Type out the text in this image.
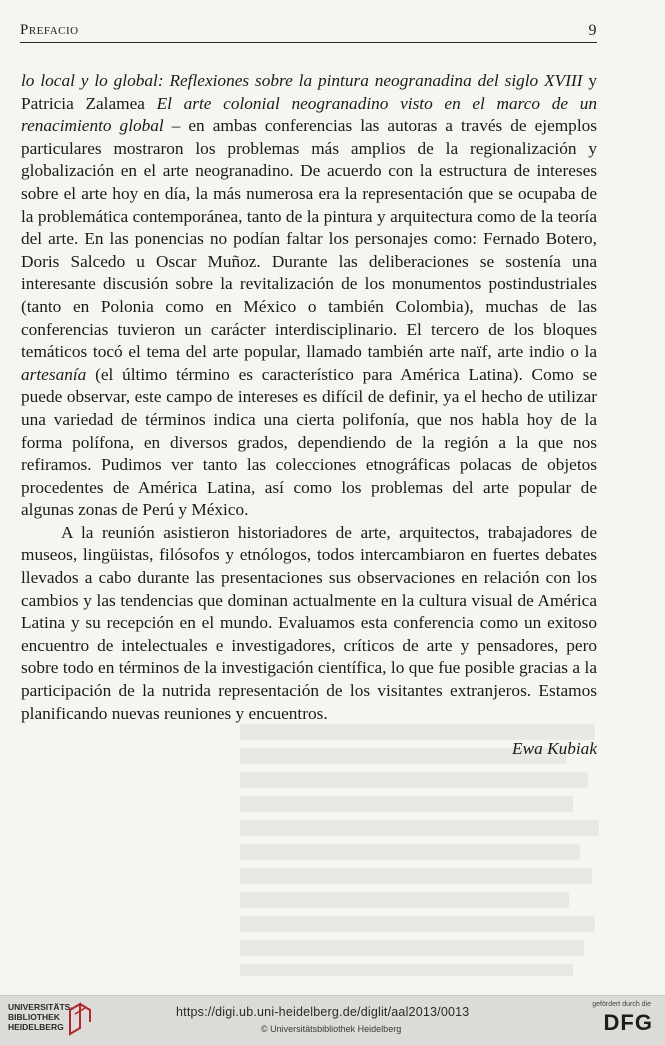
Prefacio	9

lo local y lo global: Reflexiones sobre la pintura neogranadina del siglo XVIII y Patricia Zalamea El arte colonial neogranadino visto en el marco de un renacimiento global – en ambas conferencias las autoras a través de ejemplos particulares mostraron los problemas más amplios de la regionalización y globalización en el arte neogranadino. De acuerdo con la estructura de intereses sobre el arte hoy en día, la más numerosa era la representación que se ocupaba de la problemática contemporánea, tanto de la pintura y arquitectura como de la teoría del arte. En las ponencias no podían faltar los personajes como: Fernado Botero, Doris Salcedo u Oscar Muñoz. Durante las deliberaciones se sostenía una interesante discusión sobre la revitalización de los monumentos postindustriales (tanto en Polonia como en México o también Colombia), muchas de las conferencias tuvieron un carácter interdisciplinario. El tercero de los bloques temáticos tocó el tema del arte popular, llamado también arte naïf, arte indio o la artesanía (el último término es característico para América Latina). Como se puede observar, este campo de intereses es difícil de definir, ya el hecho de utilizar una variedad de términos indica una cierta polifonía, que nos habla hoy de la forma polífona, en diversos grados, dependiendo de la región a la que nos refiramos. Pudimos ver tanto las colecciones etnográficas polacas de objetos procedentes de América Latina, así como los problemas del arte popular de algunas zonas de Perú y México.

A la reunión asistieron historiadores de arte, arquitectos, trabajadores de museos, lingüistas, filósofos y etnólogos, todos intercambiaron en fuertes debates llevados a cabo durante las presentaciones sus observaciones en relación con los cambios y las tendencias que dominan actualmente en la cultura visual de América Latina y su recepción en el mundo. Evaluamos esta conferencia como un exitoso encuentro de intelectuales e investigadores, críticos de arte y pensadores, pero sobre todo en términos de la investigación científica, lo que fue posible gracias a la participación de la nutrida representación de los visitantes extranjeros. Estamos planificando nuevas reuniones y encuentros.

Ewa Kubiak
UNIVERSITÄTS-
BIBLIOTHEK
HEIDELBERG
https://digi.ub.uni-heidelberg.de/diglit/aal2013/0013
© Universitätsbibliothek Heidelberg
gefördert durch die
DFG
